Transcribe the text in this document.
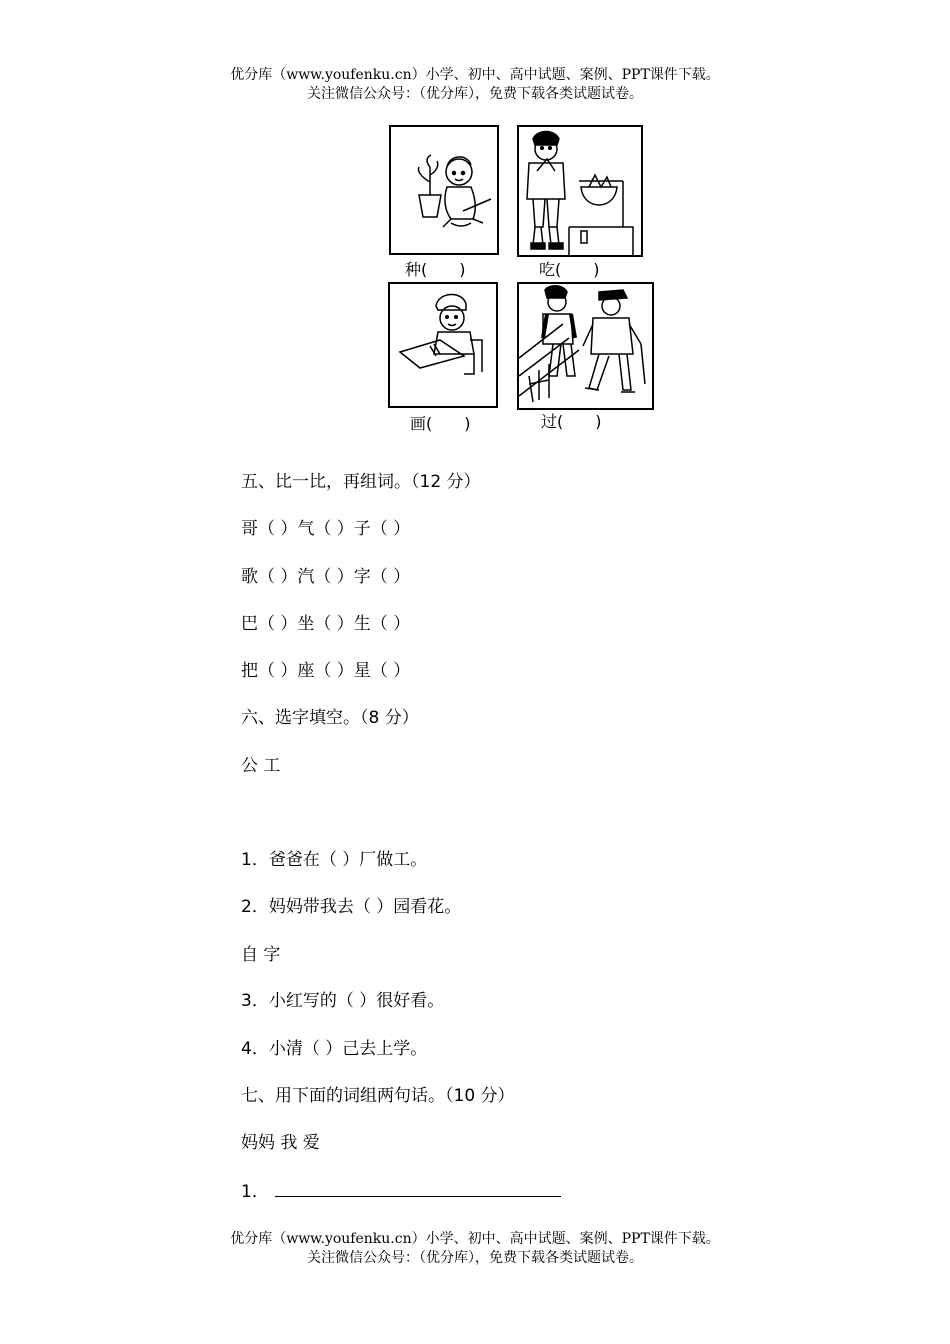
优分库（www.youfenku.cn）小学、初中、高中试题、案例、PPT课件下载。
关注微信公众号：（优分库），免费下载各类试题试卷。
种(　　)	吃(　　)
画(　　)	过(　　)
五、比一比，再组词。（12 分）
哥（ ）气（ ）子（ ）
歌（ ）汽（ ）字（ ）
巴（ ）坐（ ）生（ ）
把（ ）座（ ）星（ ）
六、选字填空。（8 分）
公 工
1．爸爸在（ ）厂做工。
2．妈妈带我去（ ）园看花。
自 字
3．小红写的（ ）很好看。
4．小清（ ）己去上学。
七、用下面的词组两句话。（10 分）
妈妈 我 爱
1．
优分库（www.youfenku.cn）小学、初中、高中试题、案例、PPT课件下载。
关注微信公众号：（优分库），免费下载各类试题试卷。
